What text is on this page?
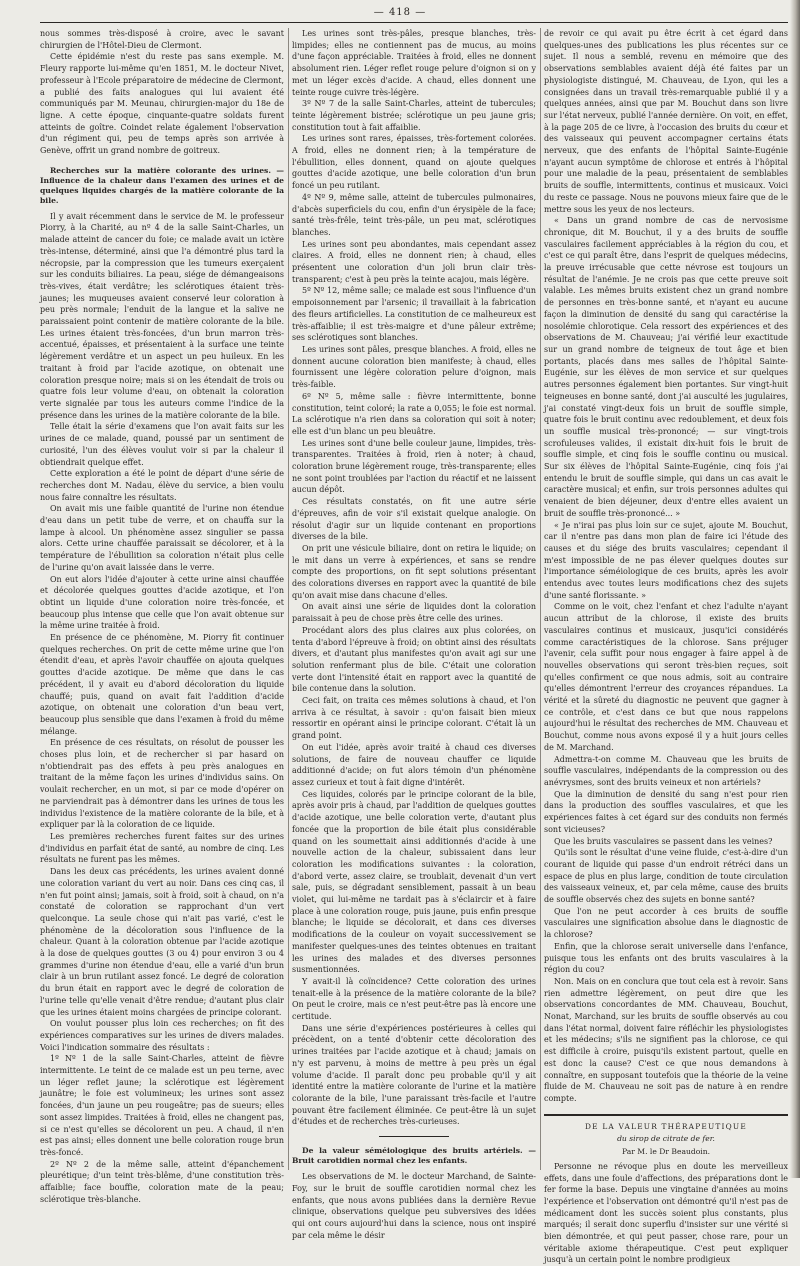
— 418 —

nous sommes très-disposé à croire, avec le savant chirurgien de l'Hôtel-Dieu de Clermont.

Cette épidémie n'est du reste pas sans exemple. M. Fleury rapporte lui-même qu'en 1851, M. le docteur Nivet, professeur à l'Ecole préparatoire de médecine de Clermont, a publié des faits analogues qui lui avaient été communiqués par M. Meunau, chirurgien-major du 18e de ligne. A cette époque, cinquante-quatre soldats furent atteints de goître. Coindet relate également l'observation d'un régiment qui, peu de temps après son arrivée à Genève, offrit un grand nombre de goitreux.

Recherches sur la matière colorante des urines. — Influence de la chaleur dans l'examen des urines et de quelques liquides chargés de la matière colorante de la bile.

Il y avait récemment dans le service de M. le professeur Piorry, à la Charité, au nº 4 de la salle Saint-Charles, un malade atteint de cancer du foie; ce malade avait un ictère très-intense, déterminé, ainsi que l'a démontré plus tard la nécropsie, par la compression que les tumeurs exerçaient sur les conduits biliaires. La peau, siége de démangeaisons très-vives, était verdâtre; les sclérotiques étaient très-jaunes; les muqueuses avaient conservé leur coloration à peu près normale; l'enduit de la langue et la salive ne paraissaient point contenir de matière colorante de la bile. Les urines étaient très-foncées, d'un brun marron très-accentué, épaisses, et présentaient à la surface une teinte légèrement verdâtre et un aspect un peu huileux. En les traitant à froid par l'acide azotique, on obtenait une coloration presque noire; mais si on les étendait de trois ou quatre fois leur volume d'eau, on obtenait la coloration verte signalée par tous les auteurs comme l'indice de la présence dans les urines de la matière colorante de la bile.

Telle était la série d'examens que l'on avait faits sur les urines de ce malade, quand, poussé par un sentiment de curiosité, l'un des élèves voulut voir si par la chaleur il obtiendrait quelque effet.

Cette exploration a été le point de départ d'une série de recherches dont M. Nadau, élève du service, a bien voulu nous faire connaître les résultats.

On avait mis une faible quantité de l'urine non étendue d'eau dans un petit tube de verre, et on chauffa sur la lampe à alcool. Un phénomène assez singulier se passa alors. Cette urine chauffée paraissait se décolorer, et à la température de l'ébullition sa coloration n'était plus celle de l'urine qu'on avait laissée dans le verre.

On eut alors l'idée d'ajouter à cette urine ainsi chauffée et décolorée quelques gouttes d'acide azotique, et l'on obtint un liquide d'une coloration noire très-foncée, et beaucoup plus intense que celle que l'on avait obtenue sur la même urine traitée à froid.

En présence de ce phénomène, M. Piorry fit continuer quelques recherches. On prit de cette même urine que l'on étendit d'eau, et après l'avoir chauffée on ajouta quelques gouttes d'acide azotique. De même que dans le cas précédent, il y avait eu d'abord décoloration du liquide chauffé; puis, quand on avait fait l'addition d'acide azotique, on obtenait une coloration d'un beau vert, beaucoup plus sensible que dans l'examen à froid du même mélange.

En présence de ces résultats, on résolut de pousser les choses plus loin, et de rechercher si par hasard on n'obtiendrait pas des effets à peu près analogues en traitant de la même façon les urines d'individus sains. On voulait rechercher, en un mot, si par ce mode d'opérer on ne parviendrait pas à démontrer dans les urines de tous les individus l'existence de la matière colorante de la bile, et à expliquer par là la coloration de ce liquide.

Les premières recherches furent faites sur des urines d'individus en parfait état de santé, au nombre de cinq. Les résultats ne furent pas les mêmes.

Dans les deux cas précédents, les urines avaient donné une coloration variant du vert au noir. Dans ces cinq cas, il n'en fut point ainsi; jamais, soit à froid, soit à chaud, on n'a constaté de coloration se rapprochant d'un vert quelconque. La seule chose qui n'ait pas varié, c'est le phénomène de la décoloration sous l'influence de la chaleur. Quant à la coloration obtenue par l'acide azotique à la dose de quelques gouttes (3 ou 4) pour environ 3 ou 4 grammes d'urine non étendue d'eau, elle a varié d'un brun clair à un brun rutilant assez foncé. Le degré de coloration du brun était en rapport avec le degré de coloration de l'urine telle qu'elle venait d'être rendue; d'autant plus clair que les urines étaient moins chargées de principe colorant.

On voulut pousser plus loin ces recherches; on fit des expériences comparatives sur les urines de divers malades. Voici l'indication sommaire des résultats :

1º Nº 1 de la salle Saint-Charles, atteint de fièvre intermittente. Le teint de ce malade est un peu terne, avec un léger reflet jaune; la sclérotique est légèrement jaunâtre; le foie est volumineux; les urines sont assez foncées, d'un jaune un peu rougeâtre; pas de sueurs; elles sont assez limpides. Traitées à froid, elles ne changent pas, si ce n'est qu'elles se décolorent un peu. A chaud, il n'en est pas ainsi; elles donnent une belle coloration rouge brun très-foncé.

2º Nº 2 de la même salle, atteint d'épanchement pleurétique; d'un teint très-blême, d'une constitution très-affaiblie; face bouffie, coloration mate de la peau; sclérotique très-blanche.

Les urines sont très-pâles, presque blanches, très-limpides; elles ne contiennent pas de mucus, au moins d'une façon appréciable. Traitées à froid, elles ne donnent absolument rien. Léger reflet rouge pelure d'oignon si on y met un léger excès d'acide. A chaud, elles donnent une teinte rouge cuivre très-légère.

3º Nº 7 de la salle Saint-Charles, atteint de tubercules; teinte légèrement bistrée; sclérotique un peu jaune gris; constitution tout à fait affaiblie.

Les urines sont rares, épaisses, très-fortement colorées. A froid, elles ne donnent rien; à la température de l'ébullition, elles donnent, quand on ajoute quelques gouttes d'acide azotique, une belle coloration d'un brun foncé un peu rutilant.

4º Nº 9, même salle, atteint de tubercules pulmonaires, d'abcès superficiels du cou, enfin d'un érysipèle de la face; santé très-frêle, teint très-pâle, un peu mat, sclérotiques blanches.

Les urines sont peu abondantes, mais cependant assez claires. A froid, elles ne donnent rien; à chaud, elles présentent une coloration d'un joli brun clair très-transparent; c'est à peu près la teinte acajou, mais légère.

5º Nº 12, même salle; ce malade est sous l'influence d'un empoisonnement par l'arsenic; il travaillait à la fabrication des fleurs artificielles. La constitution de ce malheureux est très-affaiblie; il est très-maigre et d'une pâleur extrême; ses sclérotiques sont blanches.

Les urines sont pâles, presque blanches. A froid, elles ne donnent aucune coloration bien manifeste; à chaud, elles fournissent une légère coloration pelure d'oignon, mais très-faible.

6º Nº 5, même salle : fièvre intermittente, bonne constitution, teint coloré; la rate a 0,055; le foie est normal. La sclérotique n'a rien dans sa coloration qui soit à noter; elle est d'un blanc un peu bleuâtre.

Les urines sont d'une belle couleur jaune, limpides, très-transparentes. Traitées à froid, rien à noter; à chaud, coloration brune légèrement rouge, très-transparente; elles ne sont point troublées par l'action du réactif et ne laissent aucun dépôt.

Ces résultats constatés, on fit une autre série d'épreuves, afin de voir s'il existait quelque analogie. On résolut d'agir sur un liquide contenant en proportions diverses de la bile.

On prit une vésicule biliaire, dont on retira le liquide; on le mit dans un verre à expériences, et sans se rendre compte des proportions, on fit sept solutions présentant des colorations diverses en rapport avec la quantité de bile qu'on avait mise dans chacune d'elles.

On avait ainsi une série de liquides dont la coloration paraissait à peu de chose près être celle des urines.

Procédant alors des plus claires aux plus colorées, on tenta d'abord l'épreuve à froid; on obtint ainsi des résultats divers, et d'autant plus manifestes qu'on avait agi sur une solution renfermant plus de bile. C'était une coloration verte dont l'intensité était en rapport avec la quantité de bile contenue dans la solution.

Ceci fait, on traita ces mêmes solutions à chaud, et l'on arriva à ce résultat, à savoir : qu'on faisait bien mieux ressortir en opérant ainsi le principe colorant. C'était là un grand point.

On eut l'idée, après avoir traité à chaud ces diverses solutions, de faire de nouveau chauffer ce liquide additionné d'acide; on fut alors témoin d'un phénomène assez curieux et tout à fait digne d'intérêt.

Ces liquides, colorés par le principe colorant de la bile, après avoir pris à chaud, par l'addition de quelques gouttes d'acide azotique, une belle coloration verte, d'autant plus foncée que la proportion de bile était plus considérable quand on les soumettait ainsi additionnés d'acide à une nouvelle action de la chaleur, subissaient dans leur coloration les modifications suivantes : la coloration, d'abord verte, assez claire, se troublait, devenait d'un vert sale, puis, se dégradant sensiblement, passait à un beau violet, qui lui-même ne tardait pas à s'éclaircir et à faire place à une coloration rouge, puis jaune, puis enfin presque blanche; le liquide se décolorait, et dans ces diverses modifications de la couleur on voyait successivement se manifester quelques-unes des teintes obtenues en traitant les urines des malades et des diverses personnes susmentionnées.

Y avait-il là coïncidence? Cette coloration des urines tenait-elle à la présence de la matière colorante de la bile? On peut le croire, mais ce n'est peut-être pas là encore une certitude.

Dans une série d'expériences postérieures à celles qui précèdent, on a tenté d'obtenir cette décoloration des urines traitées par l'acide azotique et à chaud; jamais on n'y est parvenu, à moins de mettre à peu près un égal volume d'acide. Il paraît donc peu probable qu'il y ait identité entre la matière colorante de l'urine et la matière colorante de la bile, l'une paraissant très-facile et l'autre pouvant être facilement éliminée. Ce peut-être là un sujet d'études et de recherches très-curieuses.

De la valeur séméiologique des bruits artériels. — Bruit carotidien normal chez les enfants.

Les observations de M. le docteur Marchand, de Sainte-Foy, sur le bruit de souffle carotidien normal chez les enfants, que nous avons publiées dans la dernière Revue clinique, observations quelque peu subversives des idées qui ont cours aujourd'hui dans la science, nous ont inspiré par cela même le désir

de revoir ce qui avait pu être écrit à cet égard dans quelques-unes des publications les plus récentes sur ce sujet. Il nous a semblé, revenu en mémoire que des observations semblables avaient déjà été faites par un physiologiste distingué, M. Chauveau, de Lyon, qui les a consignées dans un travail très-remarquable publié il y a quelques années, ainsi que par M. Bouchut dans son livre sur l'état nerveux, publié l'année dernière. On voit, en effet, à la page 205 de ce livre, à l'occasion des bruits du cœur et des vaisseaux qui peuvent accompagner certains états nerveux, que des enfants de l'hôpital Sainte-Eugénie n'ayant aucun symptôme de chlorose et entrés à l'hôpital pour une maladie de la peau, présentaient de semblables bruits de souffle, intermittents, continus et musicaux. Voici du reste ce passage. Nous ne pouvons mieux faire que de le mettre sous les yeux de nos lecteurs.

« Dans un grand nombre de cas de nervosisme chronique, dit M. Bouchut, il y a des bruits de souffle vasculaires facilement appréciables à la région du cou, et c'est ce qui paraît être, dans l'esprit de quelques médecins, la preuve irrécusable que cette névrose est toujours un résultat de l'anémie. Je ne crois pas que cette preuve soit valable. Les mêmes bruits existent chez un grand nombre de personnes en très-bonne santé, et n'ayant eu aucune façon la diminution de densité du sang qui caractérise la nosolémie chlorotique. Cela ressort des expériences et des observations de M. Chauveau; j'ai vérifié leur exactitude sur un grand nombre de teigneux de tout âge et bien portants, placés dans mes salles de l'hôpital Sainte-Eugénie, sur les élèves de mon service et sur quelques autres personnes également bien portantes. Sur vingt-huit teigneuses en bonne santé, dont j'ai ausculté les jugulaires, j'ai constaté vingt-deux fois un bruit de souffle simple, quatre fois le bruit continu avec redoublement, et deux fois un souffle musical très-prononcé; — sur vingt-trois scrofuleuses valides, il existait dix-huit fois le bruit de souffle simple, et cinq fois le souffle continu ou musical. Sur six élèves de l'hôpital Sainte-Eugénie, cinq fois j'ai entendu le bruit de souffle simple, qui dans un cas avait le caractère musical; et enfin, sur trois personnes adultes qui venaient de bien déjeuner, deux d'entre elles avaient un bruit de souffle très-prononcé... »

« Je n'irai pas plus loin sur ce sujet, ajoute M. Bouchut, car il n'entre pas dans mon plan de faire ici l'étude des causes et du siége des bruits vasculaires; cependant il m'est impossible de ne pas élever quelques doutes sur l'importance séméiologique de ces bruits, après les avoir entendus avec toutes leurs modifications chez des sujets d'une santé florissante. »

Comme on le voit, chez l'enfant et chez l'adulte n'ayant aucun attribut de la chlorose, il existe des bruits vasculaires continus et musicaux, jusqu'ici considérés comme caractéristiques de la chlorose. Sans préjuger l'avenir, cela suffit pour nous engager à faire appel à de nouvelles observations qui seront très-bien reçues, soit qu'elles confirment ce que nous admis, soit au contraire qu'elles démontrent l'erreur des croyances répandues. La vérité et la sûreté du diagnostic ne peuvent que gagner à ce contrôle, et c'est dans ce but que nous rappelons aujourd'hui le résultat des recherches de MM. Chauveau et Bouchut, comme nous avons exposé il y a huit jours celles de M. Marchand.

Admettra-t-on comme M. Chauveau que les bruits de souffle vasculaires, indépendants de la compression ou des anévrysmes, sont des bruits veineux et non artériels?

Que la diminution de densité du sang n'est pour rien dans la production des souffles vasculaires, et que les expériences faites à cet égard sur des conduits non fermés sont vicieuses?

Que les bruits vasculaires se passent dans les veines?

Qu'ils sont le résultat d'une veine fluide, c'est-à-dire d'un courant de liquide qui passe d'un endroit rétréci dans un espace de plus en plus large, condition de toute circulation des vaisseaux veineux, et, par cela même, cause des bruits de souffle observés chez des sujets en bonne santé?

Que l'on ne peut accorder à ces bruits de souffle vasculaires une signification absolue dans le diagnostic de la chlorose?

Enfin, que la chlorose serait universelle dans l'enfance, puisque tous les enfants ont des bruits vasculaires à la région du cou?

Non. Mais on en conclura que tout cela est à revoir. Sans rien admettre légèrement, on peut dire que les observations concordantes de MM. Chauveau, Bouchut, Nonat, Marchand, sur les bruits de souffle observés au cou dans l'état normal, doivent faire réfléchir les physiologistes et les médecins; s'ils ne signifient pas la chlorose, ce qui est difficile à croire, puisqu'ils existent partout, quelle en est donc la cause? C'est ce que nous demandons à connaître, en supposant toutefois que la théorie de la veine fluide de M. Chauveau ne soit pas de nature à en rendre compte.

DE LA VALEUR THÉRAPEUTIQUE
du sirop de citrate de fer.
Par M. le Dr Beaudoin.

Personne ne révoque plus en doute les merveilleux effets, dans une foule d'affections, des préparations dont le fer forme la base. Depuis une vingtaine d'années au moins l'expérience et l'observation ont démontré qu'il n'est pas de médicament dont les succès soient plus constants, plus marqués; il serait donc superflu d'insister sur une vérité si bien démontrée, et qui peut passer, chose rare, pour un véritable axiome thérapeutique. C'est peut expliquer jusqu'à un certain point le nombre prodigieux
